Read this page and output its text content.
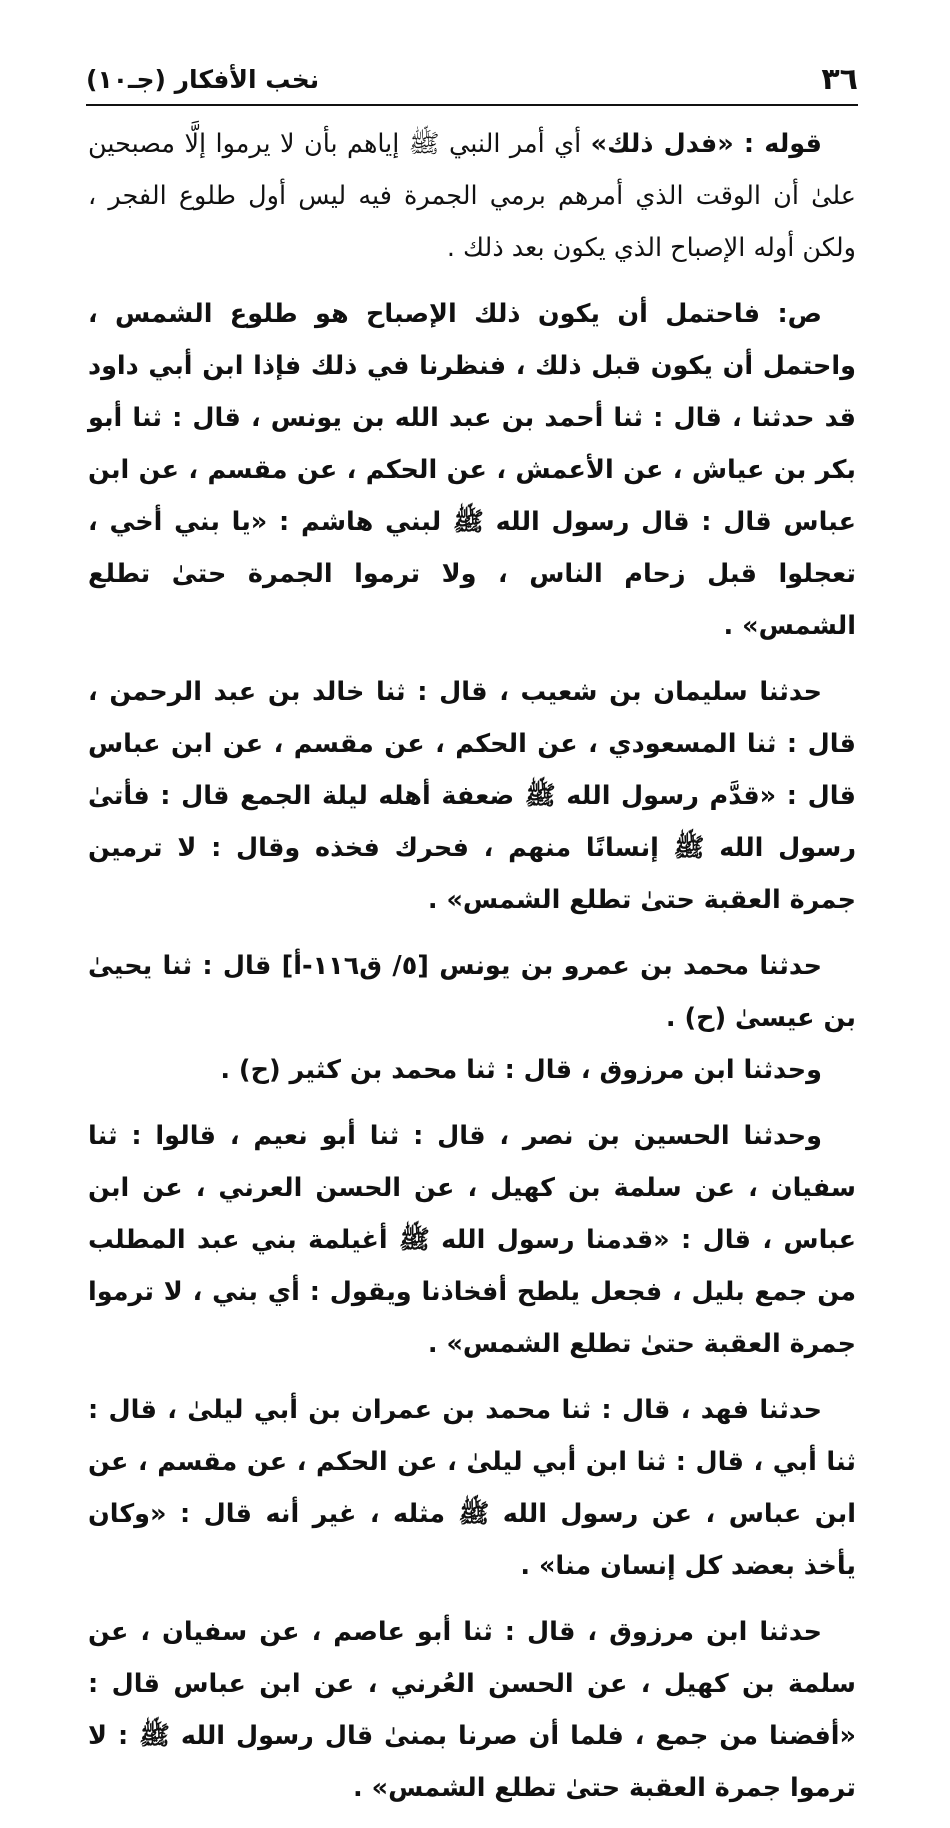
٣٦
نخب الأفكار (جـ١٠)

قوله : «فدل ذلك» أي أمر النبي ﷺ إياهم بأن لا يرموا إلَّا مصبحين علىٰ أن الوقت الذي أمرهم برمي الجمرة فيه ليس أول طلوع الفجر ، ولكن أوله الإصباح الذي يكون بعد ذلك .

ص: فاحتمل أن يكون ذلك الإصباح هو طلوع الشمس ، واحتمل أن يكون قبل ذلك ، فنظرنا في ذلك فإذا ابن أبي داود قد حدثنا ، قال : ثنا أحمد بن عبد الله بن يونس ، قال : ثنا أبو بكر بن عياش ، عن الأعمش ، عن الحكم ، عن مقسم ، عن ابن عباس قال : قال رسول الله ﷺ لبني هاشم : «يا بني أخي ، تعجلوا قبل زحام الناس ، ولا ترموا الجمرة حتىٰ تطلع الشمس» .

حدثنا سليمان بن شعيب ، قال : ثنا خالد بن عبد الرحمن ، قال : ثنا المسعودي ، عن الحكم ، عن مقسم ، عن ابن عباس قال : «قدَّم رسول الله ﷺ ضعفة أهله ليلة الجمع قال : فأتىٰ رسول الله ﷺ إنسانًا منهم ، فحرك فخذه وقال : لا ترمين جمرة العقبة حتىٰ تطلع الشمس» .

حدثنا محمد بن عمرو بن يونس [٥/ ق١١٦-أ] قال : ثنا يحيىٰ بن عيسىٰ (ح) .

وحدثنا ابن مرزوق ، قال : ثنا محمد بن كثير (ح) .

وحدثنا الحسين بن نصر ، قال : ثنا أبو نعيم ، قالوا : ثنا سفيان ، عن سلمة بن كهيل ، عن الحسن العرني ، عن ابن عباس ، قال : «قدمنا رسول الله ﷺ أغيلمة بني عبد المطلب من جمع بليل ، فجعل يلطح أفخاذنا ويقول : أي بني ، لا ترموا جمرة العقبة حتىٰ تطلع الشمس» .

حدثنا فهد ، قال : ثنا محمد بن عمران بن أبي ليلىٰ ، قال : ثنا أبي ، قال : ثنا ابن أبي ليلىٰ ، عن الحكم ، عن مقسم ، عن ابن عباس ، عن رسول الله ﷺ مثله ، غير أنه قال : «وكان يأخذ بعضد كل إنسان منا» .

حدثنا ابن مرزوق ، قال : ثنا أبو عاصم ، عن سفيان ، عن سلمة بن كهيل ، عن الحسن العُرني ، عن ابن عباس قال : «أفضنا من جمع ، فلما أن صرنا بمنىٰ قال رسول الله ﷺ : لا ترموا جمرة العقبة حتىٰ تطلع الشمس» .
